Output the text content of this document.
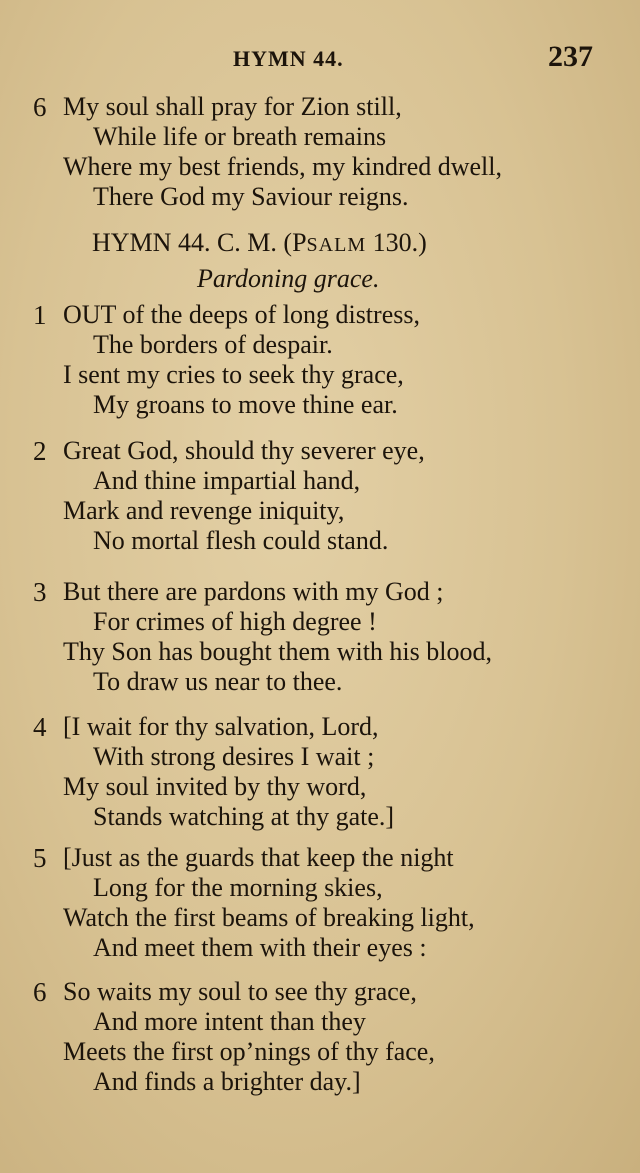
HYMN 44.	237
6 My soul shall pray for Zion still,
While life or breath remains
Where my best friends, my kindred dwell,
There God my Saviour reigns.
HYMN 44. C. M. (PSALM 130.)
Pardoning grace.
1 OUT of the deeps of long distress,
The borders of despair.
I sent my cries to seek thy grace,
My groans to move thine ear.
2 Great God, should thy severer eye,
And thine impartial hand,
Mark and revenge iniquity,
No mortal flesh could stand.
3 But there are pardons with my God ;
For crimes of high degree !
Thy Son has bought them with his blood,
To draw us near to thee.
4 [I wait for thy salvation, Lord,
With strong desires I wait ;
My soul invited by thy word,
Stands watching at thy gate.]
5 [Just as the guards that keep the night
Long for the morning skies,
Watch the first beams of breaking light,
And meet them with their eyes :
6 So waits my soul to see thy grace,
And more intent than they
Meets the first op’nings of thy face,
And finds a brighter day.]
